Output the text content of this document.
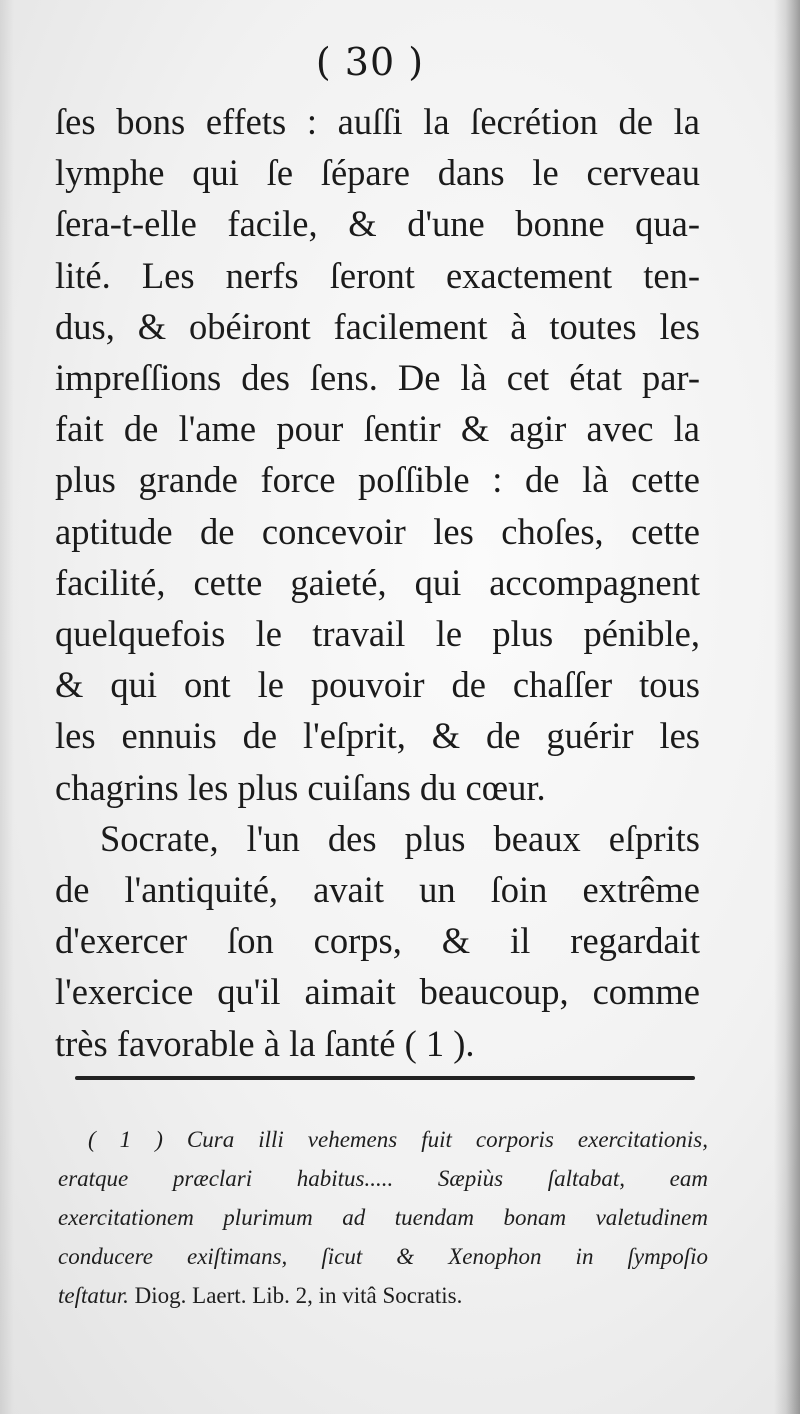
( 30 )
ſes bons effets : auſſi la ſecrétion de la
lymphe qui ſe ſépare dans le cerveau
ſera-t-elle facile, & d'une bonne qua-
lité. Les nerfs ſeront exactement ten-
dus, & obéiront facilement à toutes les
impreſſions des ſens. De là cet état par-
fait de l'ame pour ſentir & agir avec la
plus grande force poſſible : de là cette
aptitude de concevoir les choſes, cette
facilité, cette gaieté, qui accompagnent
quelquefois le travail le plus pénible,
& qui ont le pouvoir de chaſſer tous
les ennuis de l'eſprit, & de guérir les
chagrins les plus cuiſans du cœur.
Socrate, l'un des plus beaux eſprits
de l'antiquité, avait un ſoin extrême
d'exercer ſon corps, & il regardait
l'exercice qu'il aimait beaucoup, comme
très favorable à la ſanté ( 1 ).
( 1 ) Cura illi vehemens fuit corporis exercitationis,
eratque præclari habitus..... Sæpiùs ſaltabat, eam
exercitationem plurimum ad tuendam bonam valetudinem
conducere exiſtimans, ſicut & Xenophon in ſympoſio
teſtatur. Diog. Laert. Lib. 2, in vitâ Socratis.
